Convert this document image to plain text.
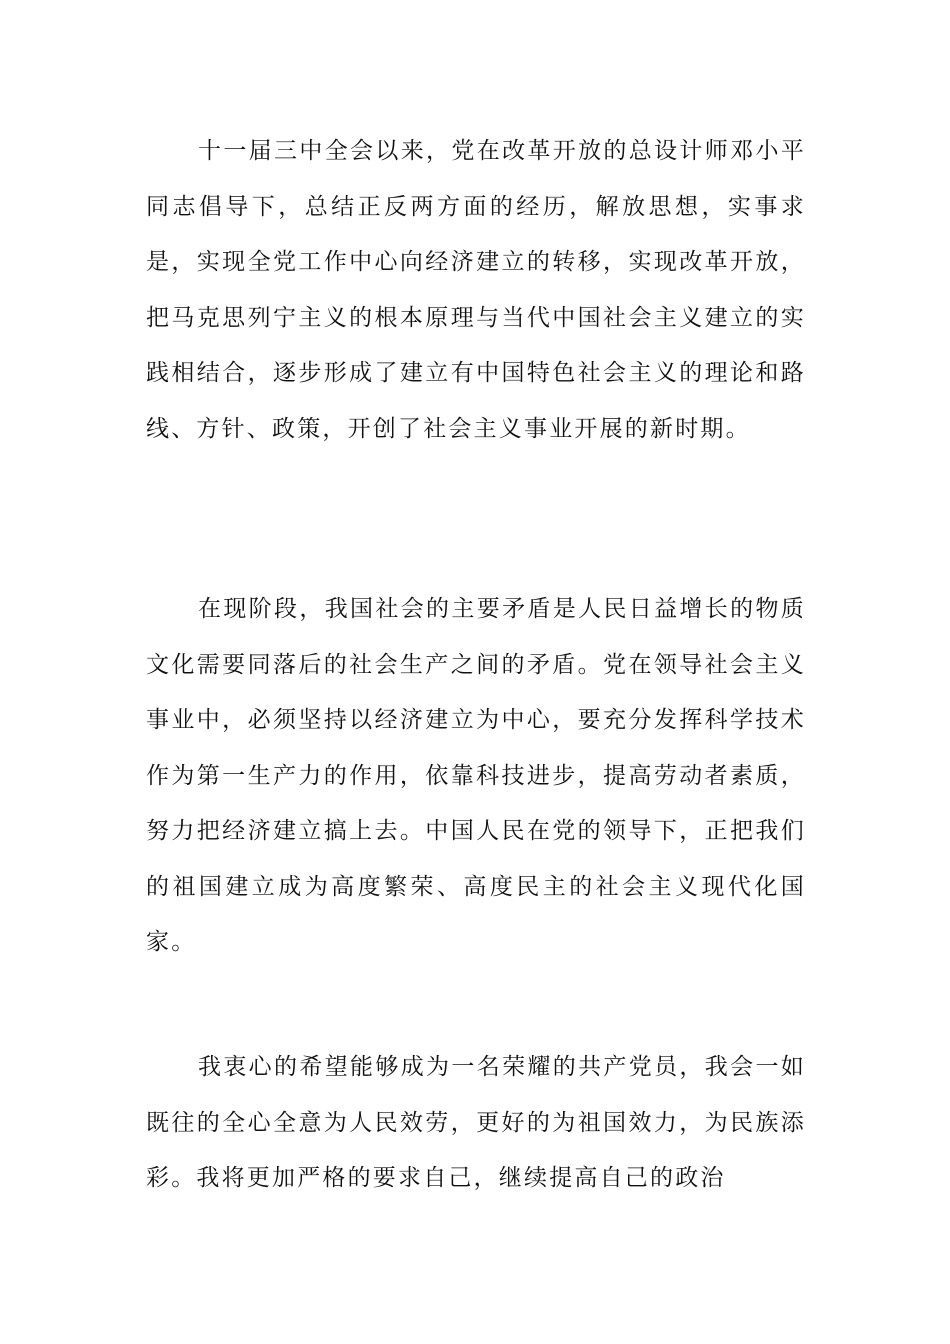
十一届三中全会以来，党在改革开放的总设计师邓小平同志倡导下，总结正反两方面的经历，解放思想，实事求是，实现全党工作中心向经济建立的转移，实现改革开放，把马克思列宁主义的根本原理与当代中国社会主义建立的实践相结合，逐步形成了建立有中国特色社会主义的理论和路线、方针、政策，开创了社会主义事业开展的新时期。

在现阶段，我国社会的主要矛盾是人民日益增长的物质文化需要同落后的社会生产之间的矛盾。党在领导社会主义事业中，必须坚持以经济建立为中心，要充分发挥科学技术作为第一生产力的作用，依靠科技进步，提高劳动者素质，努力把经济建立搞上去。中国人民在党的领导下，正把我们的祖国建立成为高度繁荣、高度民主的社会主义现代化国家。

我衷心的希望能够成为一名荣耀的共产党员，我会一如既往的全心全意为人民效劳，更好的为祖国效力，为民族添彩。我将更加严格的要求自己，继续提高自己的政治
